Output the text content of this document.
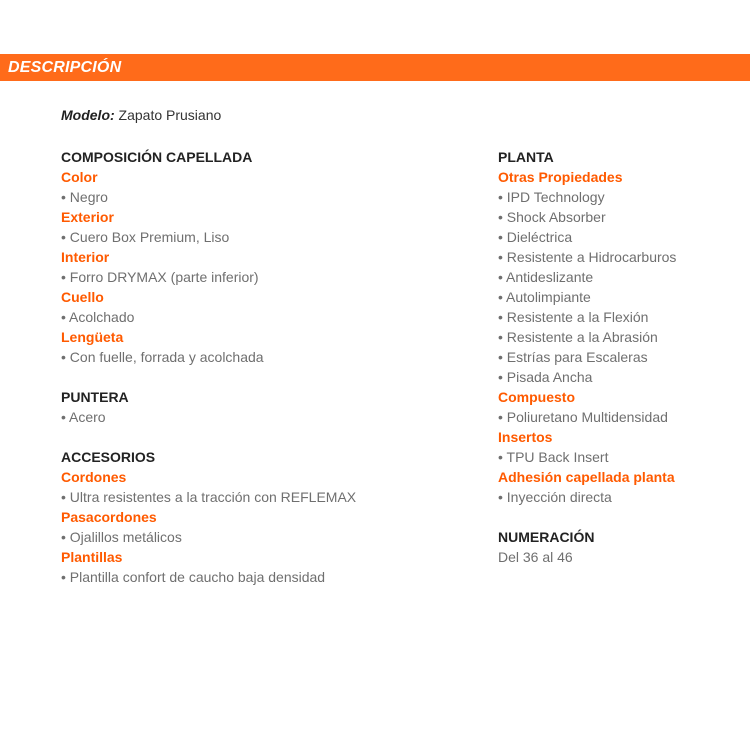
DESCRIPCIÓN
Modelo: Zapato Prusiano
COMPOSICIÓN CAPELLADA
Color
• Negro
Exterior
• Cuero Box Premium, Liso
Interior
• Forro DRYMAX (parte inferior)
Cuello
• Acolchado
Lengüeta
• Con fuelle, forrada y acolchada
PUNTERA
• Acero
ACCESORIOS
Cordones
• Ultra resistentes a la tracción con REFLEMAX
Pasacordones
• Ojalillos metálicos
Plantillas
• Plantilla confort de caucho baja densidad
PLANTA
Otras Propiedades
• IPD Technology
• Shock Absorber
• Dieléctrica
• Resistente a Hidrocarburos
• Antideslizante
• Autolimpiante
• Resistente a la Flexión
• Resistente a la Abrasión
• Estrías para Escaleras
• Pisada Ancha
Compuesto
• Poliuretano Multidensidad
Insertos
• TPU Back Insert
Adhesión capellada planta
• Inyección directa
NUMERACIÓN
Del 36 al 46
